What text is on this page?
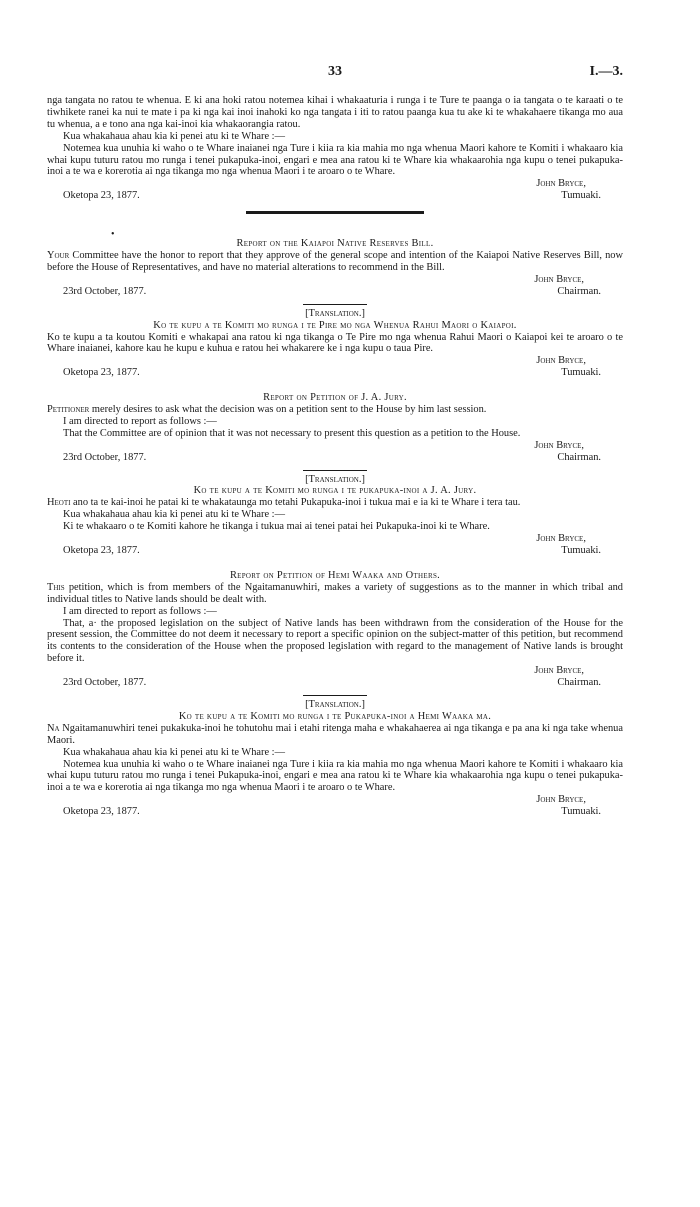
33	I.—3.

nga tangata no ratou te whenua. E ki ana hoki ratou notemea kihai i whakaaturia i runga i te Ture te paanga o ia tangata o te karaati o te tiwhikete ranei ka nui te mate i pa ki nga kai inoi inahoki ko nga tangata i iti to ratou paanga kua tu ake ki te whakahaere tikanga mo aua tu whenua, a e tono ana nga kai-inoi kia whakaorangia ratou.

Kua whakahaua ahau kia ki penei atu ki te Whare :—

Notemea kua unuhia ki waho o te Whare inaianei nga Ture i kiia ra kia mahia mo nga whenua Maori kahore te Komiti i whakaaro kia whai kupu tuturu ratou mo runga i tenei pukapuka-inoi, engari e mea ana ratou ki te Whare kia whakaarohia nga kupu o tenei pukapuka-inoi a te wa e korerotia ai nga tikanga mo nga whenua Maori i te aroaro o te Whare.

Oketopa 23, 1877.
John Bryce,
Tumuaki.
•

Report on the Kaiapoi Native Reserves Bill.

Your Committee have the honor to report that they approve of the general scope and intention of the Kaiapoi Native Reserves Bill, now before the House of Representatives, and have no material alterations to recommend in the Bill.

23rd October, 1877.
John Bryce,
Chairman.

[Translation.]

Ko te kupu a te Komiti mo runga i te Pire mo nga Whenua Rahui Maori o Kaiapoi.

Ko te kupu a ta koutou Komiti e whakapai ana ratou ki nga tikanga o Te Pire mo nga whenua Rahui Maori o Kaiapoi kei te aroaro o te Whare inaianei, kahore kau he kupu e kuhua e ratou hei whakarere ke i nga kupu o taua Pire.

Oketopa 23, 1877.
John Bryce,
Tumuaki.

Report on Petition of J. A. Jury.

Petitioner merely desires to ask what the decision was on a petition sent to the House by him last session.

I am directed to report as follows :—

That the Committee are of opinion that it was not necessary to present this question as a petition to the House.

23rd October, 1877.
John Bryce,
Chairman.

[Translation.]

Ko te kupu a te Komiti mo runga i te pukapuka-inoi a J. A. Jury.

Heoti ano ta te kai-inoi he patai ki te whakataunga mo tetahi Pukapuka-inoi i tukua mai e ia ki te Whare i tera tau.

Kua whakahaua ahau kia ki penei atu ki te Whare :—

Ki te whakaaro o te Komiti kahore he tikanga i tukua mai ai tenei patai hei Pukapuka-inoi ki te Whare.

Oketopa 23, 1877.
John Bryce,
Tumuaki.

Report on Petition of Hemi Waaka and Others.

This petition, which is from members of the Ngaitamanuwhiri, makes a variety of suggestions as to the manner in which tribal and individual titles to Native lands should be dealt with.

I am directed to report as follows :—

That, a· the proposed legislation on the subject of Native lands has been withdrawn from the consideration of the House for the present session, the Committee do not deem it necessary to report a specific opinion on the subject-matter of this petition, but recommend its contents to the consideration of the House when the proposed legislation with regard to the management of Native lands is brought before it.

23rd October, 1877.
John Bryce,
Chairman.

[Translation.]

Ko te kupu a te Komiti mo runga i te Pukapuka-inoi a Hemi Waaka ma.

Na Ngaitamanuwhiri tenei pukakuka-inoi he tohutohu mai i etahi ritenga maha e whakahaerea ai nga tikanga e pa ana ki nga take whenua Maori.

Kua whakahaua ahau kia ki penei atu ki te Whare :—

Notemea kua unuhia ki waho o te Whare inaianei nga Ture i kiia ra kia mahia mo nga whenua Maori kahore te Komiti i whakaaro kia whai kupu tuturu ratou mo runga i tenei Pukapuka-inoi, engari e mea ana ratou ki te Whare kia whakaarohia nga kupu o tenei pukapuka-inoi a te wa e korerotia ai nga tikanga mo nga whenua Maori i te aroaro o te Whare.

Oketopa 23, 1877.
John Bryce,
Tumuaki.
